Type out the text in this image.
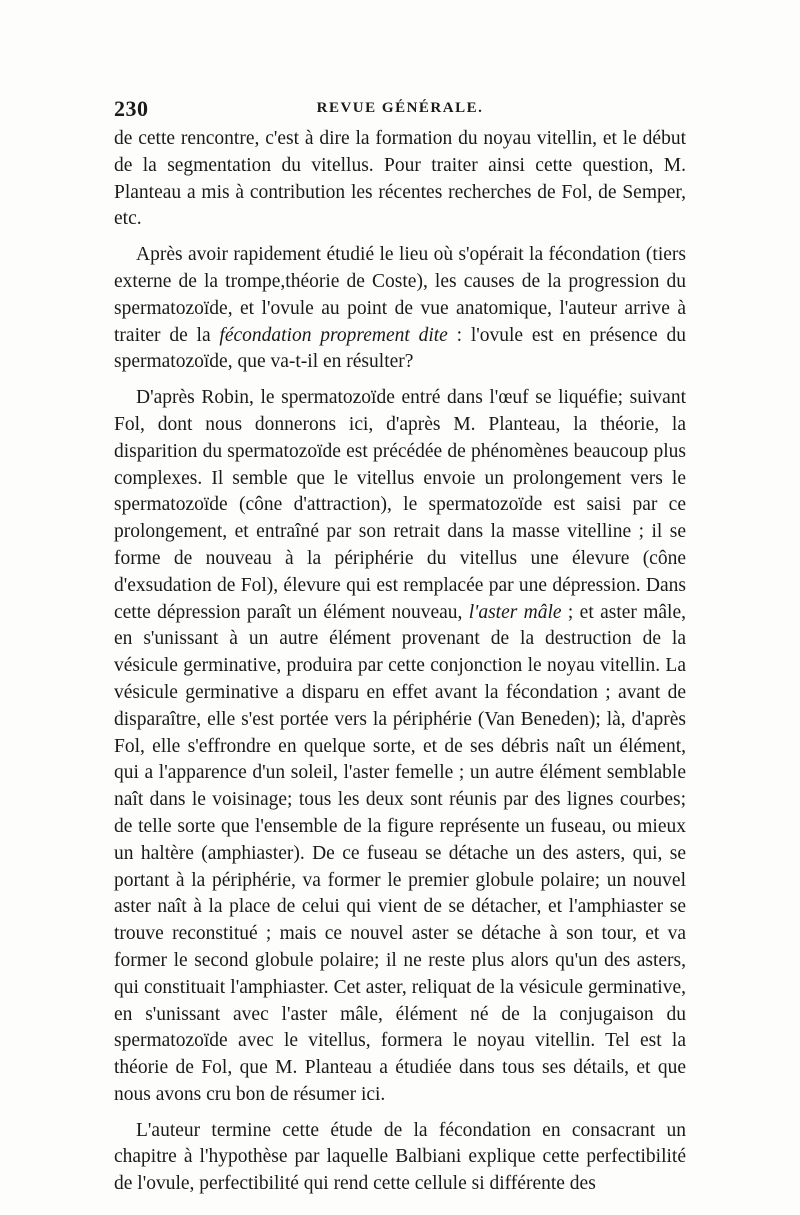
230	REVUE GÉNÉRALE.

de cette rencontre, c'est à dire la formation du noyau vitellin, et le début de la segmentation du vitellus. Pour traiter ainsi cette question, M. Planteau a mis à contribution les récentes recherches de Fol, de Semper, etc.

Après avoir rapidement étudié le lieu où s'opérait la fécondation (tiers externe de la trompe,théorie de Coste), les causes de la progression du spermatozoïde, et l'ovule au point de vue anatomique, l'auteur arrive à traiter de la fécondation proprement dite : l'ovule est en présence du spermatozoïde, que va-t-il en résulter?

D'après Robin, le spermatozoïde entré dans l'œuf se liquéfie; suivant Fol, dont nous donnerons ici, d'après M. Planteau, la théorie, la disparition du spermatozoïde est précédée de phénomènes beaucoup plus complexes. Il semble que le vitellus envoie un prolongement vers le spermatozoïde (cône d'attraction), le spermatozoïde est saisi par ce prolongement, et entraîné par son retrait dans la masse vitelline ; il se forme de nouveau à la périphérie du vitellus une élevure (cône d'exsudation de Fol), élevure qui est remplacée par une dépression. Dans cette dépression paraît un élément nouveau, l'aster mâle ; et aster mâle, en s'unissant à un autre élément provenant de la destruction de la vésicule germinative, produira par cette conjonction le noyau vitellin. La vésicule germinative a disparu en effet avant la fécondation ; avant de disparaître, elle s'est portée vers la périphérie (Van Beneden); là, d'après Fol, elle s'effrondre en quelque sorte, et de ses débris naît un élément, qui a l'apparence d'un soleil, l'aster femelle ; un autre élément semblable naît dans le voisinage; tous les deux sont réunis par des lignes courbes; de telle sorte que l'ensemble de la figure représente un fuseau, ou mieux un haltère (amphiaster). De ce fuseau se détache un des asters, qui, se portant à la périphérie, va former le premier globule polaire; un nouvel aster naît à la place de celui qui vient de se détacher, et l'amphiaster se trouve reconstitué ; mais ce nouvel aster se détache à son tour, et va former le second globule polaire; il ne reste plus alors qu'un des asters, qui constituait l'amphiaster. Cet aster, reliquat de la vésicule germinative, en s'unissant avec l'aster mâle, élément né de la conjugaison du spermatozoïde avec le vitellus, formera le noyau vitellin. Tel est la théorie de Fol, que M. Planteau a étudiée dans tous ses détails, et que nous avons cru bon de résumer ici.

L'auteur termine cette étude de la fécondation en consacrant un chapitre à l'hypothèse par laquelle Balbiani explique cette perfectibilité de l'ovule, perfectibilité qui rend cette cellule si différente des
